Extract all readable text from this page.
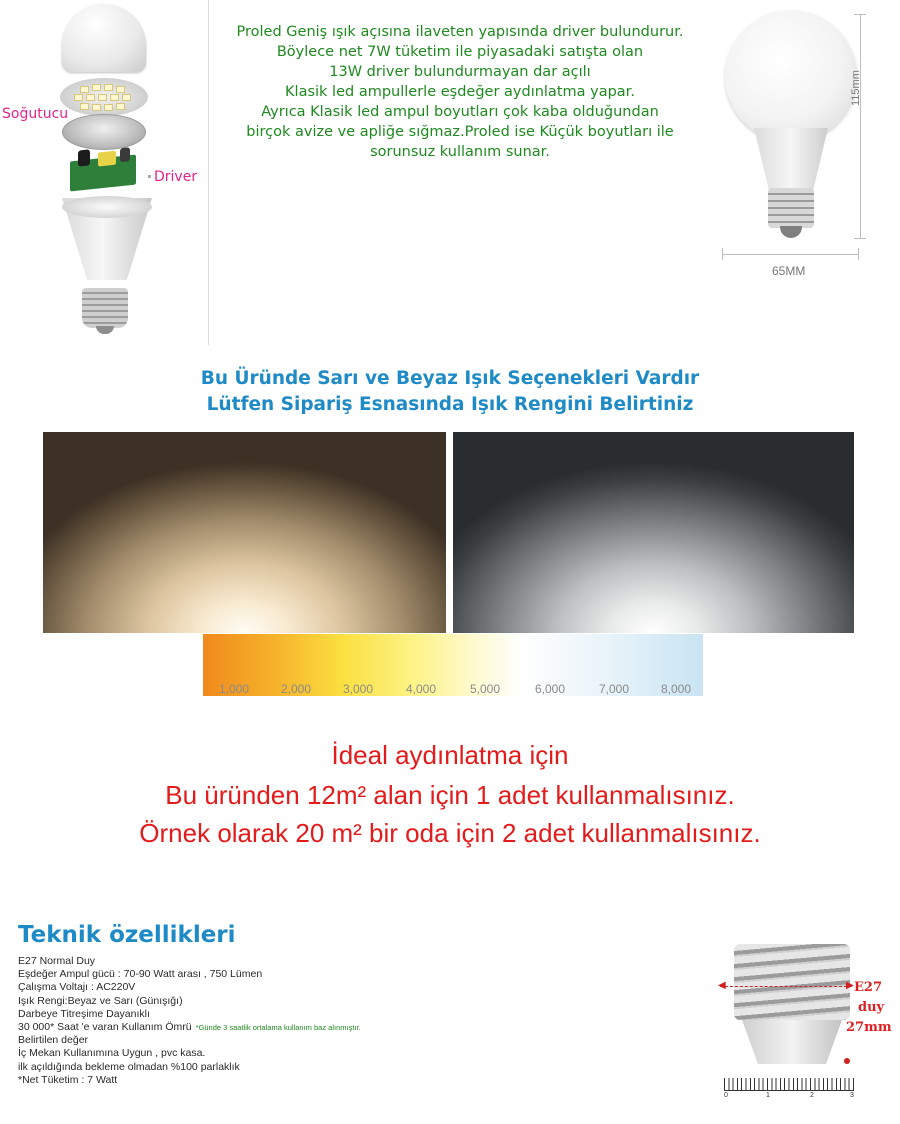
Soğutucu
Driver
Proled Geniş ışık açısına ilaveten yapısında driver bulundurur.
Böylece net 7W tüketim ile piyasadaki satışta olan
13W driver bulundurmayan dar açılı
Klasik led ampullerle eşdeğer aydınlatma yapar.
Ayrıca Klasik led ampul boyutları çok kaba olduğundan
birçok avize ve apliğe sığmaz.Proled ise Küçük boyutları ile
sorunsuz kullanım sunar.
115mm
65MM
Bu Üründe Sarı ve Beyaz Işık Seçenekleri Vardır
Lütfen Sipariş Esnasında Işık Rengini Belirtiniz
1,000	2,000	3,000	4,000	5,000	6,000	7,000	8,000
İdeal aydınlatma için
Bu üründen 12m² alan için 1 adet kullanmalısınız.
Örnek olarak 20 m² bir oda için 2 adet kullanmalısınız.
Teknik özellikleri
E27 Normal Duy
Eşdeğer Ampul gücü : 70-90 Watt arası , 750 Lümen
Çalışma Voltajı : AC220V
Işık Rengi:Beyaz ve Sarı (Günışığı)
Darbeye Titreşime Dayanıklı
30 000* Saat 'e varan Kullanım Ömrü *Günde 3 saatlik ortalama kullanım baz alınmıştır.
Belirtilen değer
İç Mekan Kullanımına Uygun , pvc kasa.
ilk açıldığında bekleme olmadan %100 parlaklık
*Net Tüketim : 7 Watt
◀	▶ E27
duy
27mm
0	1	2	3
